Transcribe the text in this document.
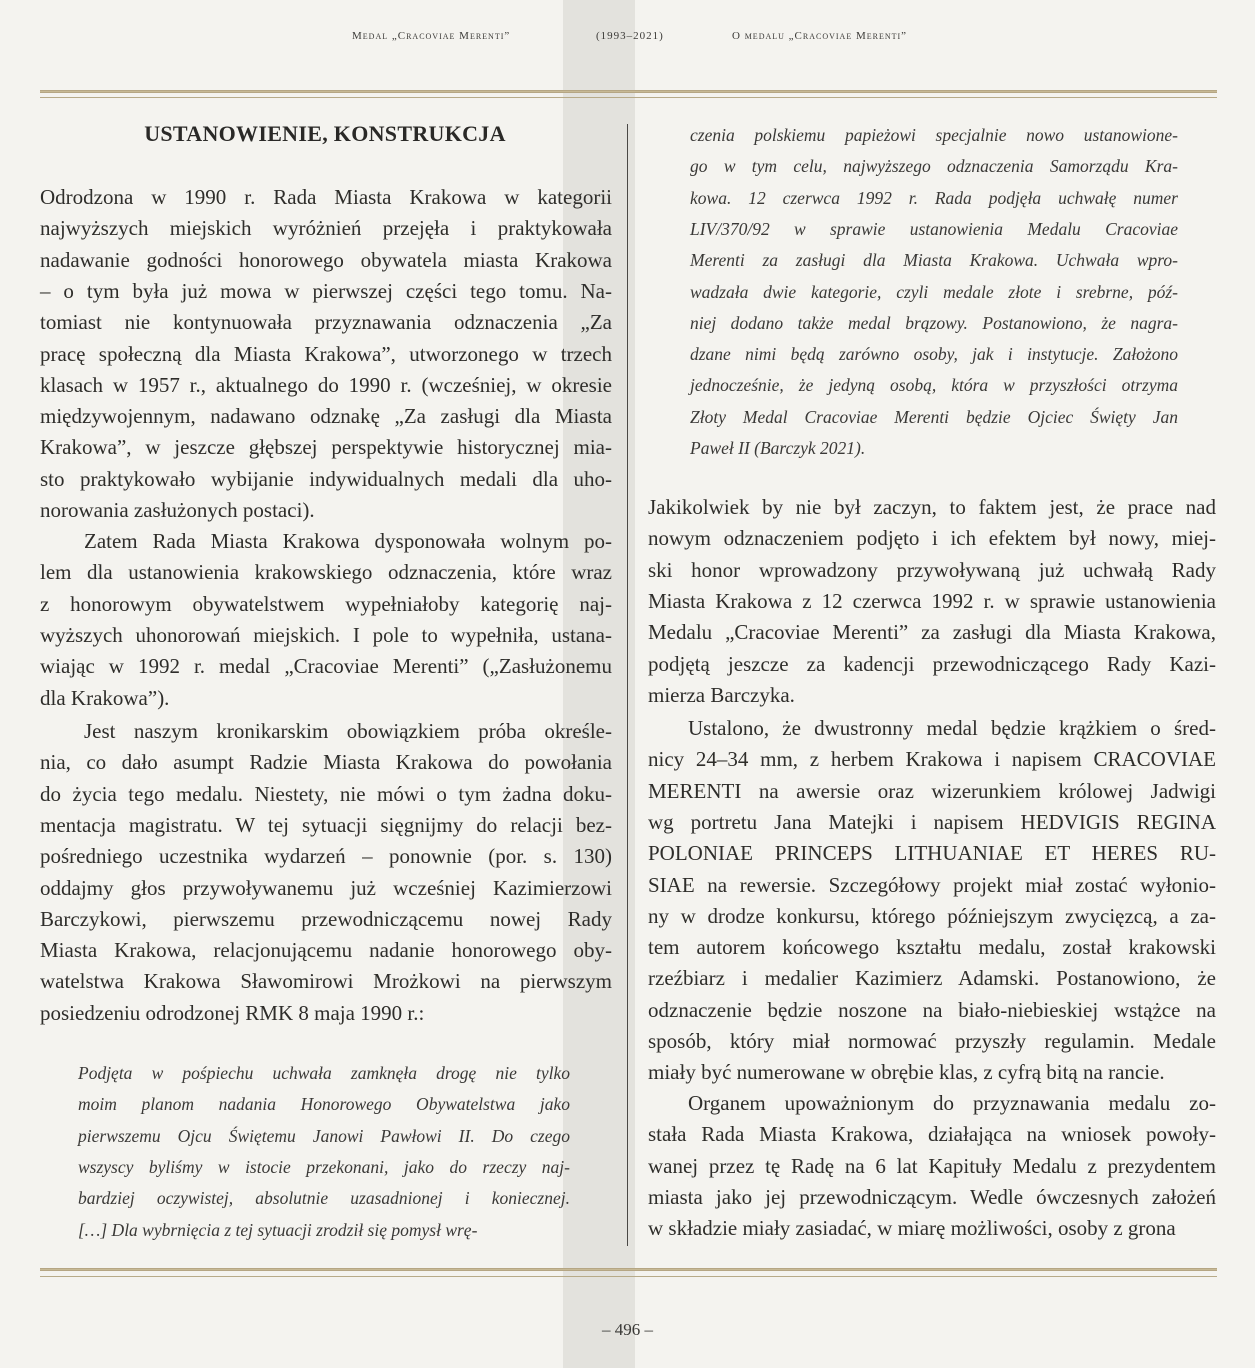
Medal „Cracoviae Merenti”	(1993–2021)	O medalu „Cracoviae Merenti”
USTANOWIENIE, KONSTRUKCJA
Odrodzona w 1990 r. Rada Miasta Krakowa w kategorii
najwyższych miejskich wyróżnień przejęła i praktykowała
nadawanie godności honorowego obywatela miasta Krakowa
– o tym była już mowa w pierwszej części tego tomu. Na-
tomiast nie kontynuowała przyznawania odznaczenia „Za
pracę społeczną dla Miasta Krakowa”, utworzonego w trzech
klasach w 1957 r., aktualnego do 1990 r. (wcześniej, w okresie
międzywojennym, nadawano odznakę „Za zasługi dla Miasta
Krakowa”, w jeszcze głębszej perspektywie historycznej mia-
sto praktykowało wybijanie indywidualnych medali dla uho-
norowania zasłużonych postaci).
Zatem Rada Miasta Krakowa dysponowała wolnym po-
lem dla ustanowienia krakowskiego odznaczenia, które wraz
z honorowym obywatelstwem wypełniałoby kategorię naj-
wyższych uhonorowań miejskich. I pole to wypełniła, ustana-
wiając w 1992 r. medal „Cracoviae Merenti” („Zasłużonemu
dla Krakowa”).
Jest naszym kronikarskim obowiązkiem próba określe-
nia, co dało asumpt Radzie Miasta Krakowa do powołania
do życia tego medalu. Niestety, nie mówi o tym żadna doku-
mentacja magistratu. W tej sytuacji sięgnijmy do relacji bez-
pośredniego uczestnika wydarzeń – ponownie (por. s. 130)
oddajmy głos przywoływanemu już wcześniej Kazimierzowi
Barczykowi, pierwszemu przewodniczącemu nowej Rady
Miasta Krakowa, relacjonującemu nadanie honorowego oby-
watelstwa Krakowa Sławomirowi Mrożkowi na pierwszym
posiedzeniu odrodzonej RMK 8 maja 1990 r.:
Podjęta w pośpiechu uchwała zamknęła drogę nie tylko
moim planom nadania Honorowego Obywatelstwa jako
pierwszemu Ojcu Świętemu Janowi Pawłowi II. Do czego
wszyscy byliśmy w istocie przekonani, jako do rzeczy naj-
bardziej oczywistej, absolutnie uzasadnionej i koniecznej.
[…] Dla wybrnięcia z tej sytuacji zrodził się pomysł wrę-
czenia polskiemu papieżowi specjalnie nowo ustanowione-
go w tym celu, najwyższego odznaczenia Samorządu Kra-
kowa. 12 czerwca 1992 r. Rada podjęła uchwałę numer
LIV/370/92 w sprawie ustanowienia Medalu Cracoviae
Merenti za zasługi dla Miasta Krakowa. Uchwała wpro-
wadzała dwie kategorie, czyli medale złote i srebrne, póź-
niej dodano także medal brązowy. Postanowiono, że nagra-
dzane nimi będą zarówno osoby, jak i instytucje. Założono
jednocześnie, że jedyną osobą, która w przyszłości otrzyma
Złoty Medal Cracoviae Merenti będzie Ojciec Święty Jan
Paweł II (Barczyk 2021).
Jakikolwiek by nie był zaczyn, to faktem jest, że prace nad
nowym odznaczeniem podjęto i ich efektem był nowy, miej-
ski honor wprowadzony przywoływaną już uchwałą Rady
Miasta Krakowa z 12 czerwca 1992 r. w sprawie ustanowienia
Medalu „Cracoviae Merenti” za zasługi dla Miasta Krakowa,
podjętą jeszcze za kadencji przewodniczącego Rady Kazi-
mierza Barczyka.
Ustalono, że dwustronny medal będzie krążkiem o śred-
nicy 24–34 mm, z herbem Krakowa i napisem CRACOVIAE
MERENTI na awersie oraz wizerunkiem królowej Jadwigi
wg portretu Jana Matejki i napisem HEDVIGIS REGINA
POLONIAE PRINCEPS LITHUANIAE ET HERES RU-
SIAE na rewersie. Szczegółowy projekt miał zostać wyłonio-
ny w drodze konkursu, którego późniejszym zwycięzcą, a za-
tem autorem końcowego kształtu medalu, został krakowski
rzeźbiarz i medalier Kazimierz Adamski. Postanowiono, że
odznaczenie będzie noszone na biało-niebieskiej wstążce na
sposób, który miał normować przyszły regulamin. Medale
miały być numerowane w obrębie klas, z cyfrą bitą na rancie.
Organem upoważnionym do przyznawania medalu zo-
stała Rada Miasta Krakowa, działająca na wniosek powoły-
wanej przez tę Radę na 6 lat Kapituły Medalu z prezydentem
miasta jako jej przewodniczącym. Wedle ówczesnych założeń
w składzie miały zasiadać, w miarę możliwości, osoby z grona
– 496 –
